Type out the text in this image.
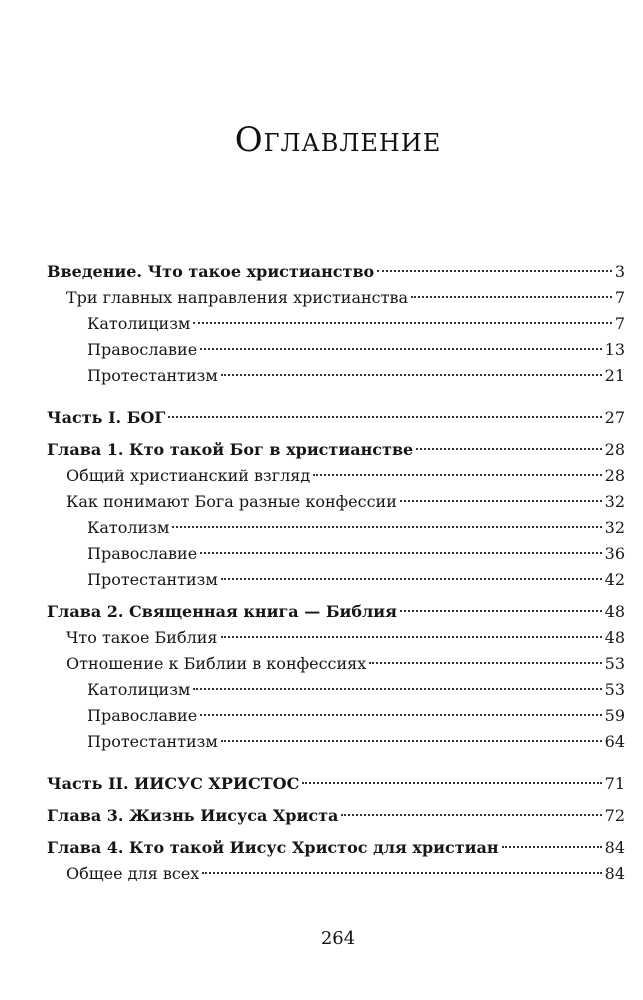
Оглавление
Введение. Что такое христианство	3
Три главных направления христианства	7
Католицизм	7
Православие	13
Протестантизм	21
Часть I. БОГ	27
Глава 1. Кто такой Бог в христианстве	28
Общий христианский взгляд	28
Как понимают Бога разные конфессии	32
Католизм	32
Православие	36
Протестантизм	42
Глава 2. Священная книга — Библия	48
Что такое Библия	48
Отношение к Библии в конфессиях	53
Католицизм	53
Православие	59
Протестантизм	64
Часть II. ИИСУС ХРИСТОС	71
Глава 3. Жизнь Иисуса Христа	72
Глава 4. Кто такой Иисус Христос для христиан	84
Общее для всех	84
264
